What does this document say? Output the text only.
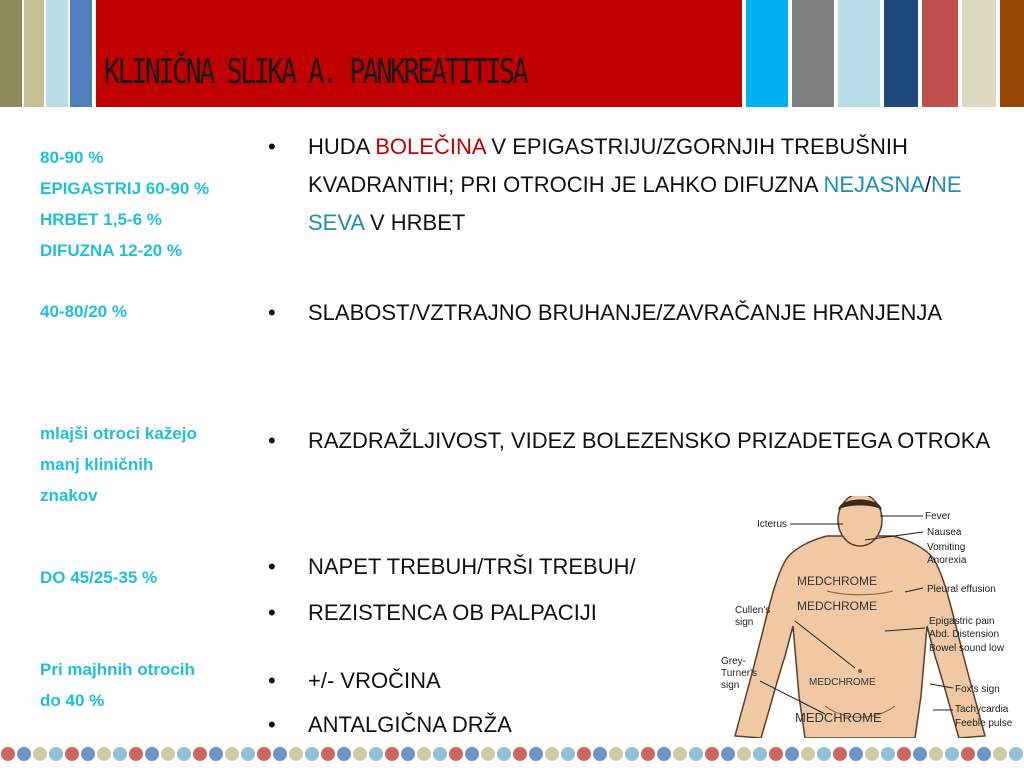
KLINIČNA SLIKA A. PANKREATITISA
80-90 %
EPIGASTRIJ 60-90 %
HRBET 1,5-6 %
DIFUZNA 12-20 %
40-80/20 %
mlajši otroci kažejo
manj kliničnih
znakov
DO 45/25-35 %
Pri majhnih otrocih
do 40 %
•	HUDA BOLEČINA V EPIGASTRIJU/ZGORNJIH TREBUŠNIH KVADRANTIH; PRI OTROCIH JE LAHKO DIFUZNA NEJASNA/NE SEVA V HRBET
•	SLABOST/VZTRAJNO BRUHANJE/ZAVRAČANJE HRANJENJA
•	RAZDRAŽLJIVOST, VIDEZ BOLEZENSKO PRIZADETEGA OTROKA
•	NAPET TREBUH/TRŠI TREBUH/
•	REZISTENCA OB PALPACIJI
•	+/- VROČINA
•	ANTALGIČNA DRŽA
Icterus
Cullen's
sign
Grey-
Turner's
sign
Fever
Nausea
Vomiting
Anorexia
Pleural effusion
Epigastric pain
Abd. Distension
Bowel sound low
Fox's sign
Tachycardia
Feeble pulse
MEDCHROME
MEDCHROME
MEDCHROME
MEDCHROME
